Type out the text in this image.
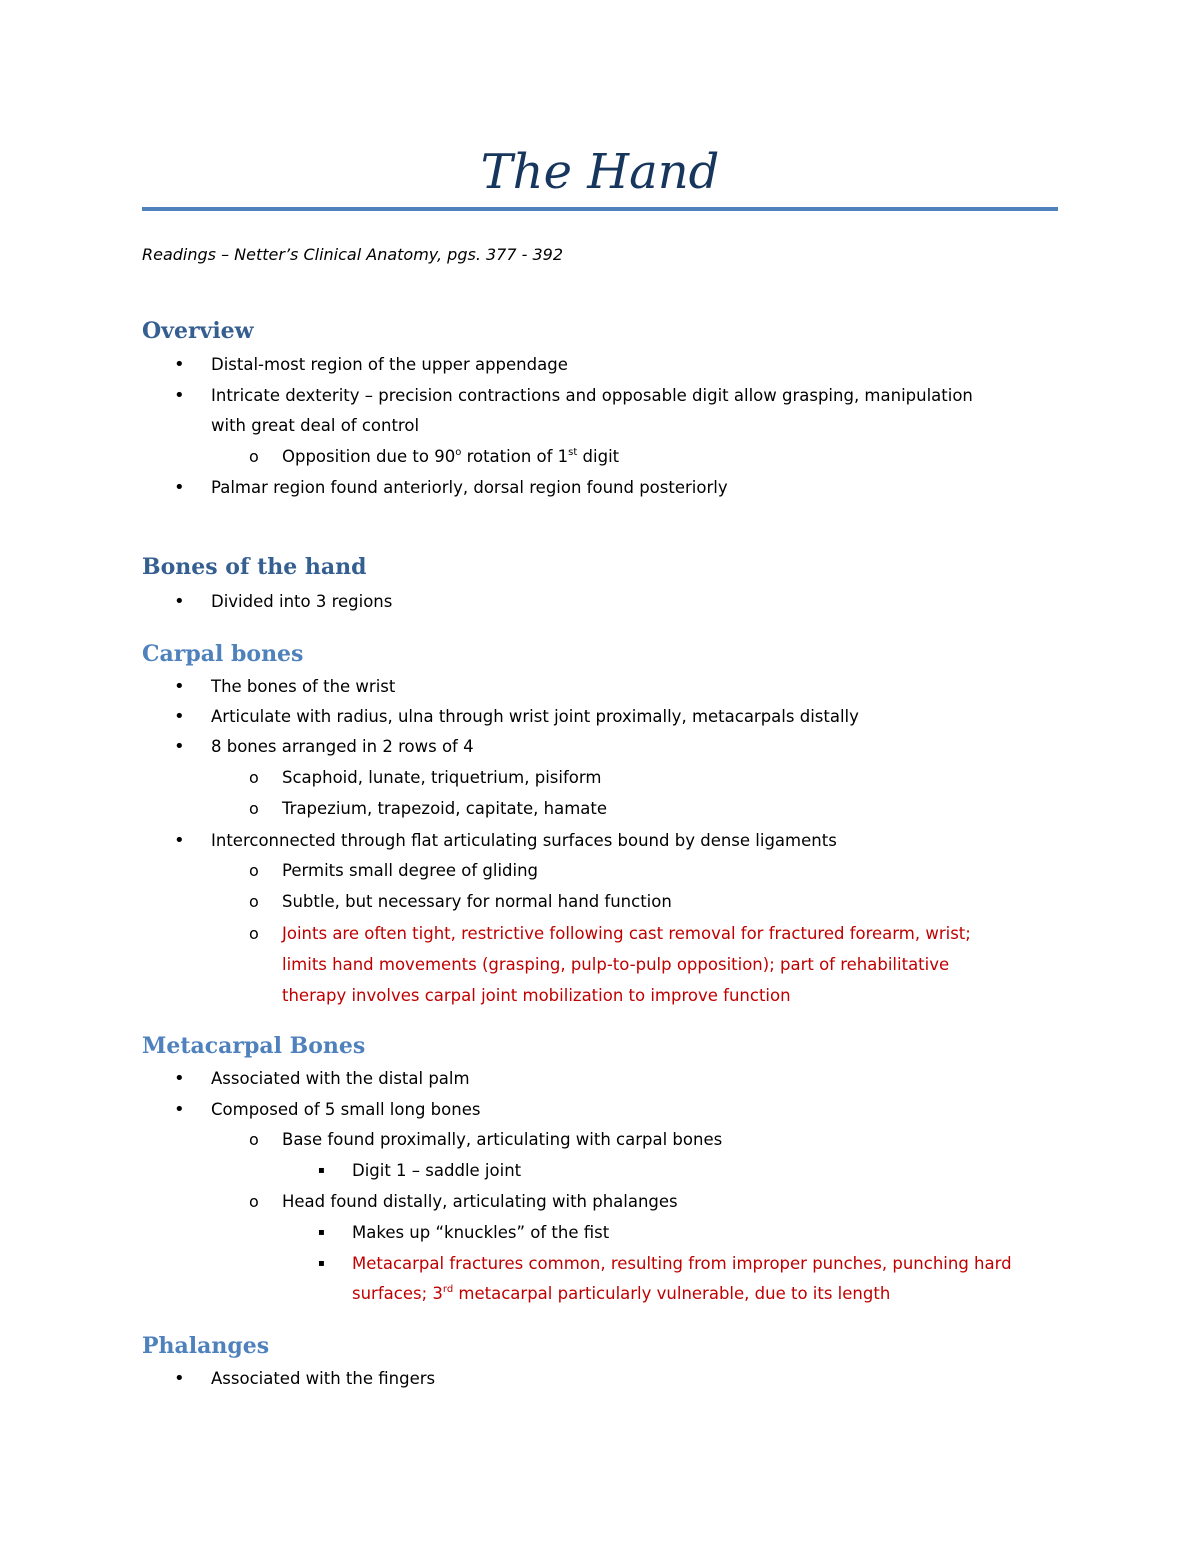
The Hand
Readings – Netter’s Clinical Anatomy, pgs. 377 - 392
Overview
• Distal-most region of the upper appendage
• Intricate dexterity – precision contractions and opposable digit allow grasping, manipulation
with great deal of control
o Opposition due to 90$^o$ rotation of 1st digit
• Palmar region found anteriorly, dorsal region found posteriorly
Bones of the hand
• Divided into 3 regions
Carpal bones
• The bones of the wrist
• Articulate with radius, ulna through wrist joint proximally, metacarpals distally
• 8 bones arranged in 2 rows of 4
o Scaphoid, lunate, triquetrium, pisiform
o Trapezium, trapezoid, capitate, hamate
• Interconnected through flat articulating surfaces bound by dense ligaments
o Permits small degree of gliding
o Subtle, but necessary for normal hand function
o Joints are often tight, restrictive following cast removal for fractured forearm, wrist;
limits hand movements (grasping, pulp-to-pulp opposition); part of rehabilitative
therapy involves carpal joint mobilization to improve function
Metacarpal Bones
• Associated with the distal palm
• Composed of 5 small long bones
o Base found proximally, articulating with carpal bones
▪ Digit 1 – saddle joint
o Head found distally, articulating with phalanges
▪ Makes up “knuckles” of the fist
▪ Metacarpal fractures common, resulting from improper punches, punching hard
surfaces; 3rd metacarpal particularly vulnerable, due to its length
Phalanges
• Associated with the fingers
